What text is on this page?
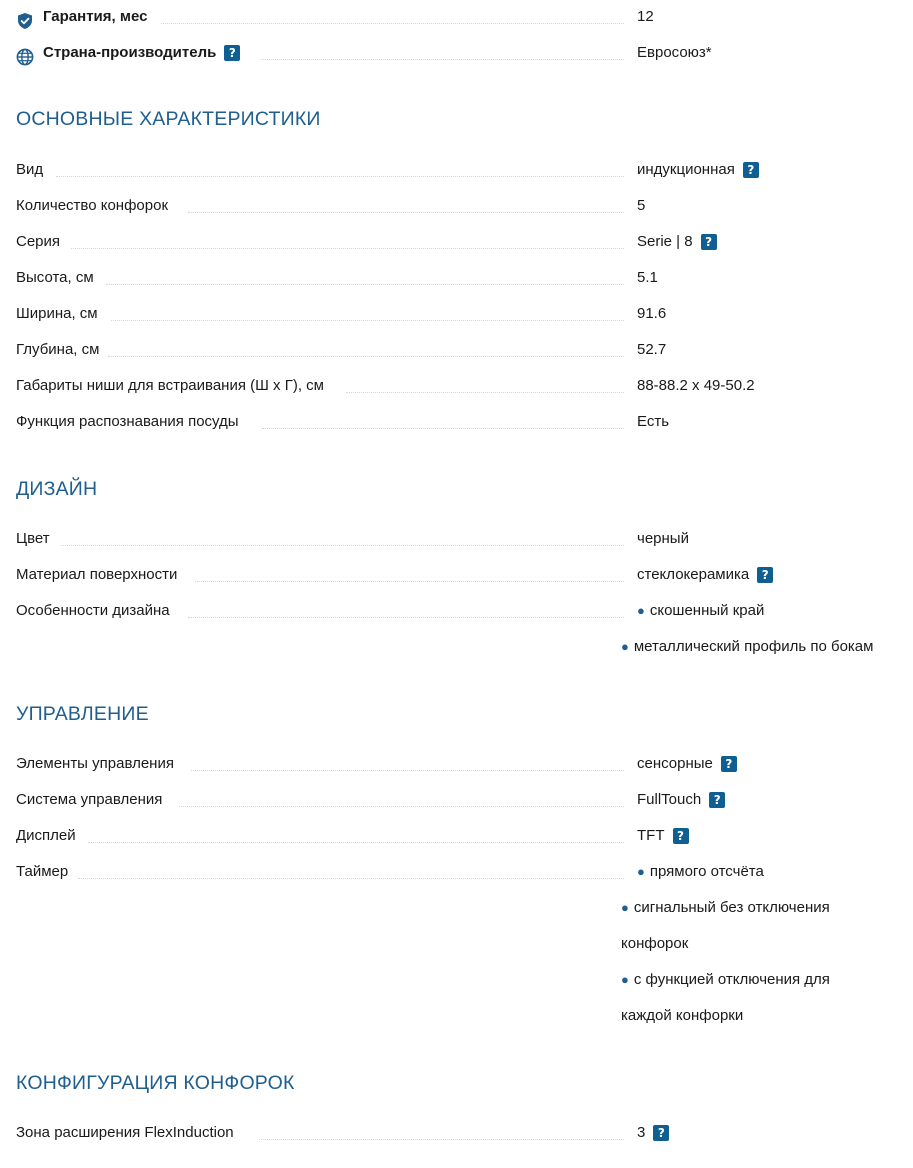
Гарантия, мес	12
Страна-производитель	?	Евросоюз*
ОСНОВНЫЕ ХАРАКТЕРИСТИКИ
Вид	индукционная	?
Количество конфорок	5
Серия	Serie | 8	?
Высота, см	5.1
Ширина, см	91.6
Глубина, см	52.7
Габариты ниши для встраивания (Ш x Г), см	88-88.2 x 49-50.2
Функция распознавания посуды	Есть
ДИЗАЙН
Цвет	черный
Материал поверхности	стеклокерамика	?
Особенности дизайна	● скошенный край
● металлический профиль по бокам
УПРАВЛЕНИЕ
Элементы управления	сенсорные	?
Система управления	FullTouch	?
Дисплей	TFT	?
Таймер	● прямого отсчёта
● сигнальный без отключения
конфорок
● с функцией отключения для
каждой конфорки
КОНФИГУРАЦИЯ КОНФОРОК
Зона расширения FlexInduction	3	?
